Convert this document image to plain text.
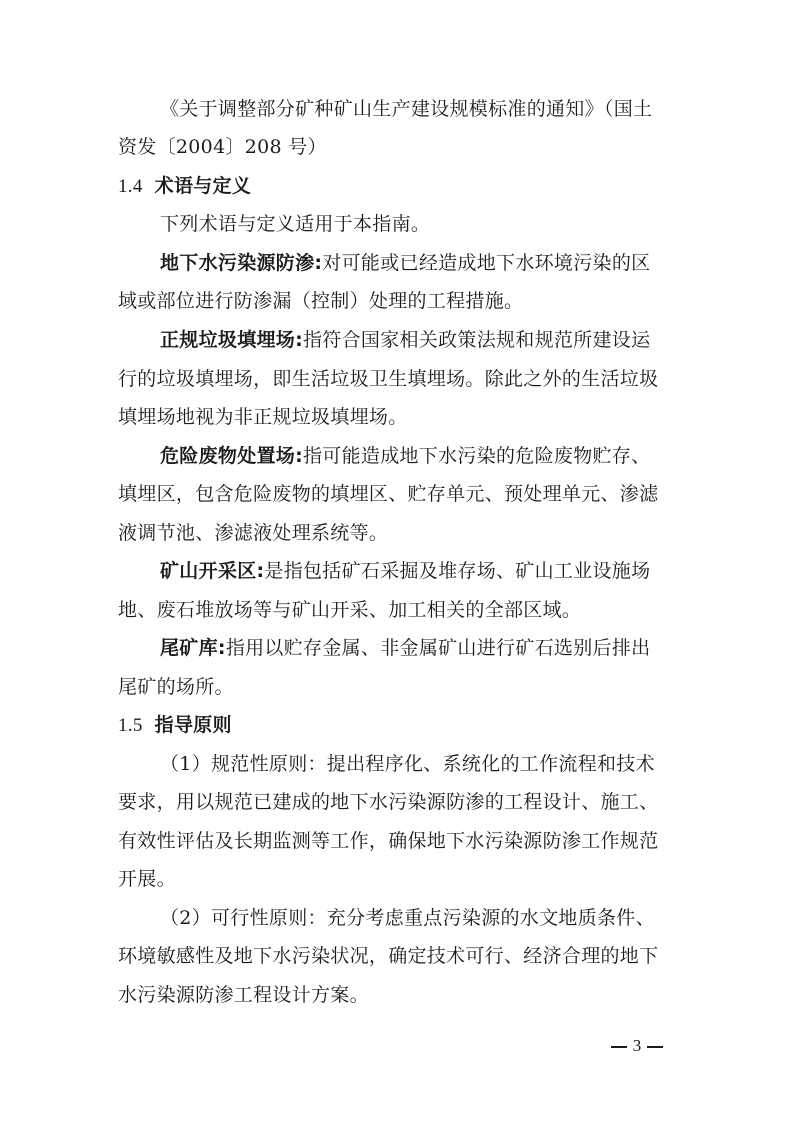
《关于调整部分矿种矿山生产建设规模标准的通知》（国土
资发〔2004〕208 号）
1.4 术语与定义
下列术语与定义适用于本指南。
地下水污染源防渗:对可能或已经造成地下水环境污染的区
域或部位进行防渗漏（控制）处理的工程措施。
正规垃圾填埋场:指符合国家相关政策法规和规范所建设运
行的垃圾填埋场，即生活垃圾卫生填埋场。除此之外的生活垃圾
填埋场地视为非正规垃圾填埋场。
危险废物处置场:指可能造成地下水污染的危险废物贮存、
填埋区，包含危险废物的填埋区、贮存单元、预处理单元、渗滤
液调节池、渗滤液处理系统等。
矿山开采区:是指包括矿石采掘及堆存场、矿山工业设施场
地、废石堆放场等与矿山开采、加工相关的全部区域。
尾矿库:指用以贮存金属、非金属矿山进行矿石选别后排出
尾矿的场所。
1.5 指导原则
（1）规范性原则：提出程序化、系统化的工作流程和技术
要求，用以规范已建成的地下水污染源防渗的工程设计、施工、
有效性评估及长期监测等工作，确保地下水污染源防渗工作规范
开展。
（2）可行性原则：充分考虑重点污染源的水文地质条件、
环境敏感性及地下水污染状况，确定技术可行、经济合理的地下
水污染源防渗工程设计方案。
3
